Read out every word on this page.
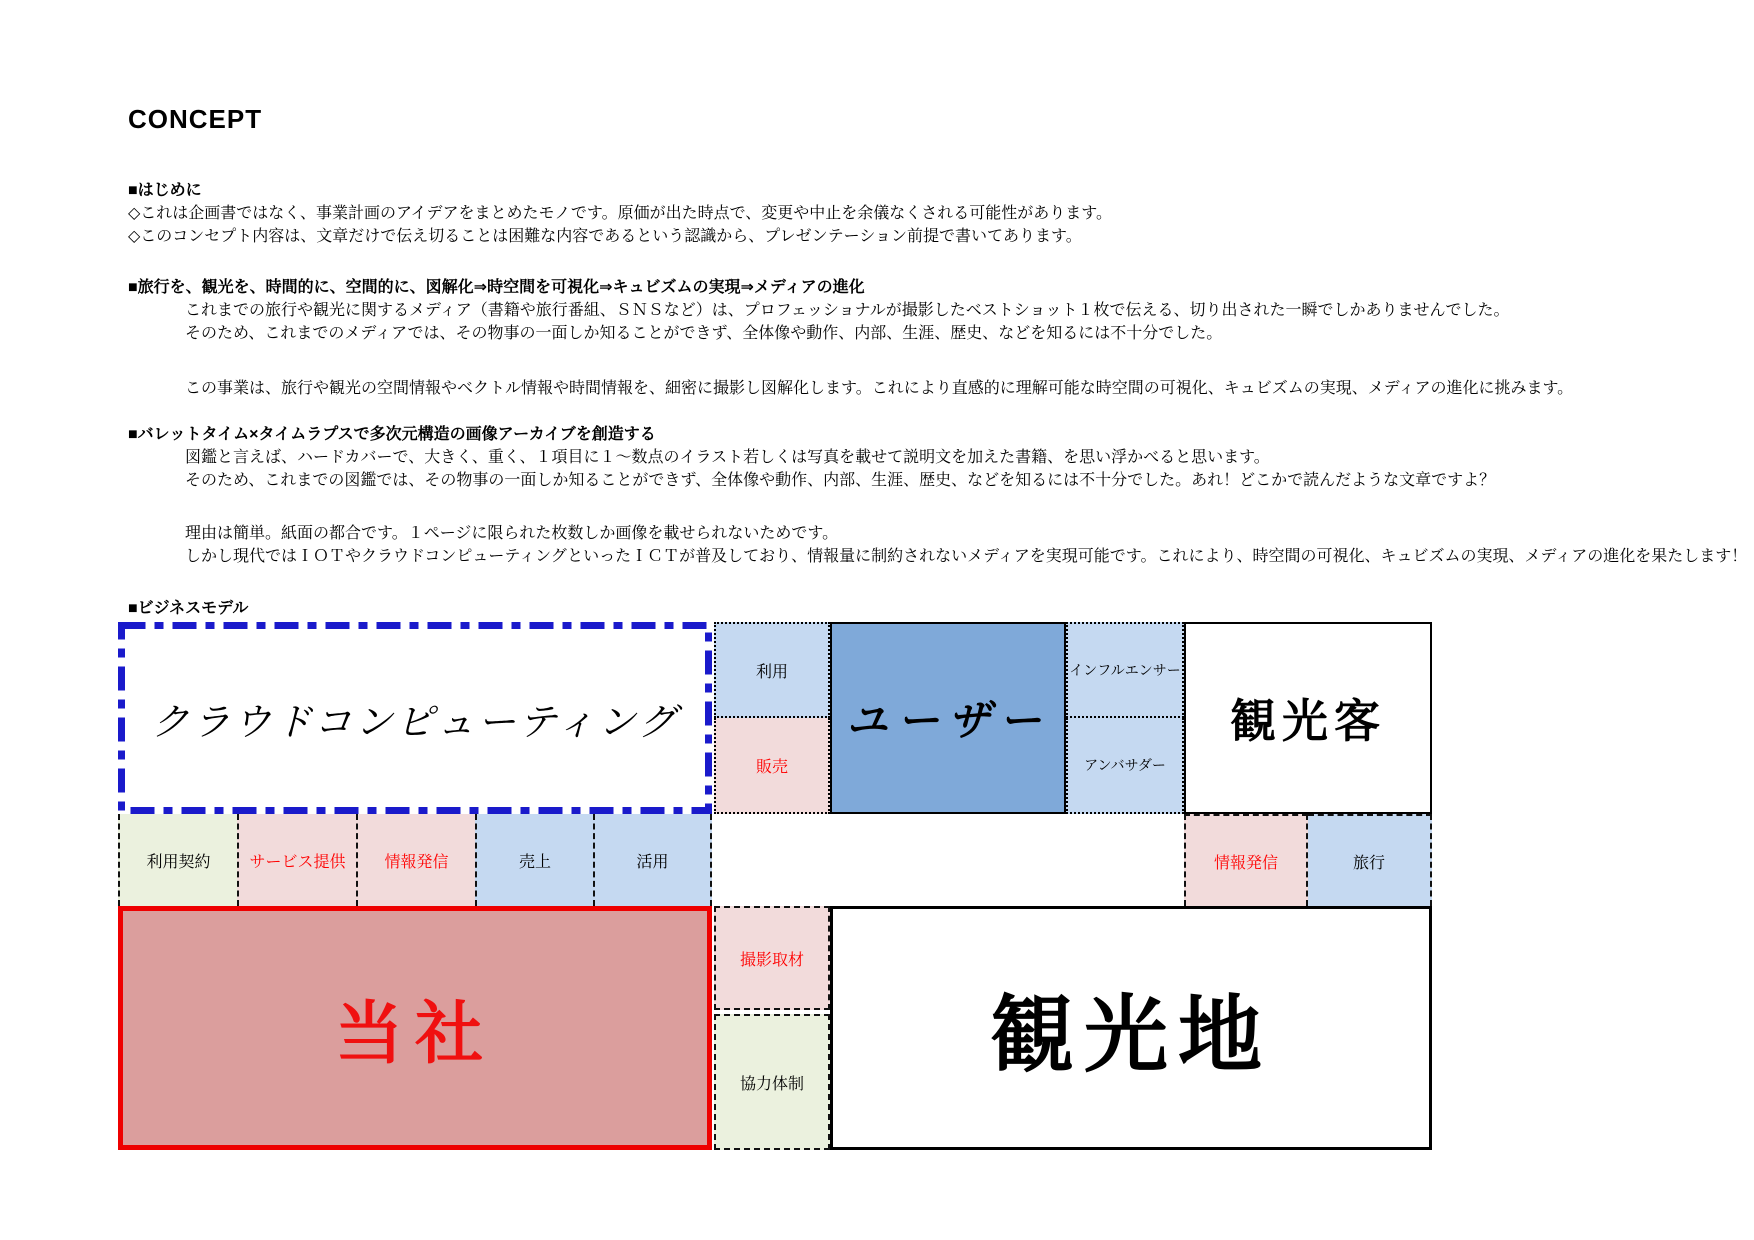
CONCEPT

■はじめに

◇これは企画書ではなく、事業計画のアイデアをまとめたモノです。原価が出た時点で、変更や中止を余儀なくされる可能性があります。

◇このコンセプト内容は、文章だけで伝え切ることは困難な内容であるという認識から、プレゼンテーション前提で書いてあります。

■旅行を、観光を、時間的に、空間的に、図解化⇒時空間を可視化⇒キュビズムの実現⇒メディアの進化

これまでの旅行や観光に関するメディア（書籍や旅行番組、ＳＮＳなど）は、プロフェッショナルが撮影したベストショット１枚で伝える、切り出された一瞬でしかありませんでした。

そのため、これまでのメディアでは、その物事の一面しか知ることができず、全体像や動作、内部、生涯、歴史、などを知るには不十分でした。

この事業は、旅行や観光の空間情報やベクトル情報や時間情報を、細密に撮影し図解化します。これにより直感的に理解可能な時空間の可視化、キュビズムの実現、メディアの進化に挑みます。

■バレットタイム×タイムラプスで多次元構造の画像アーカイブを創造する

図鑑と言えば、ハードカバーで、大きく、重く、１項目に１～数点のイラスト若しくは写真を載せて説明文を加えた書籍、を思い浮かべると思います。

そのため、これまでの図鑑では、その物事の一面しか知ることができず、全体像や動作、内部、生涯、歴史、などを知るには不十分でした。あれ！どこかで読んだような文章ですよ？

理由は簡単。紙面の都合です。１ページに限られた枚数しか画像を載せられないためです。

しかし現代ではＩＯＴやクラウドコンピューティングといったＩＣＴが普及しており、情報量に制約されないメディアを実現可能です。これにより、時空間の可視化、キュビズムの実現、メディアの進化を果たします！

■ビジネスモデル

クラウドコンピューティング
利用
販売
ユーザー
インフルエンサー
アンバサダー
観光客
利用契約 サービス提供 情報発信	売上	活用	情報発信	旅行
当社
撮影取材
協力体制
観光地
